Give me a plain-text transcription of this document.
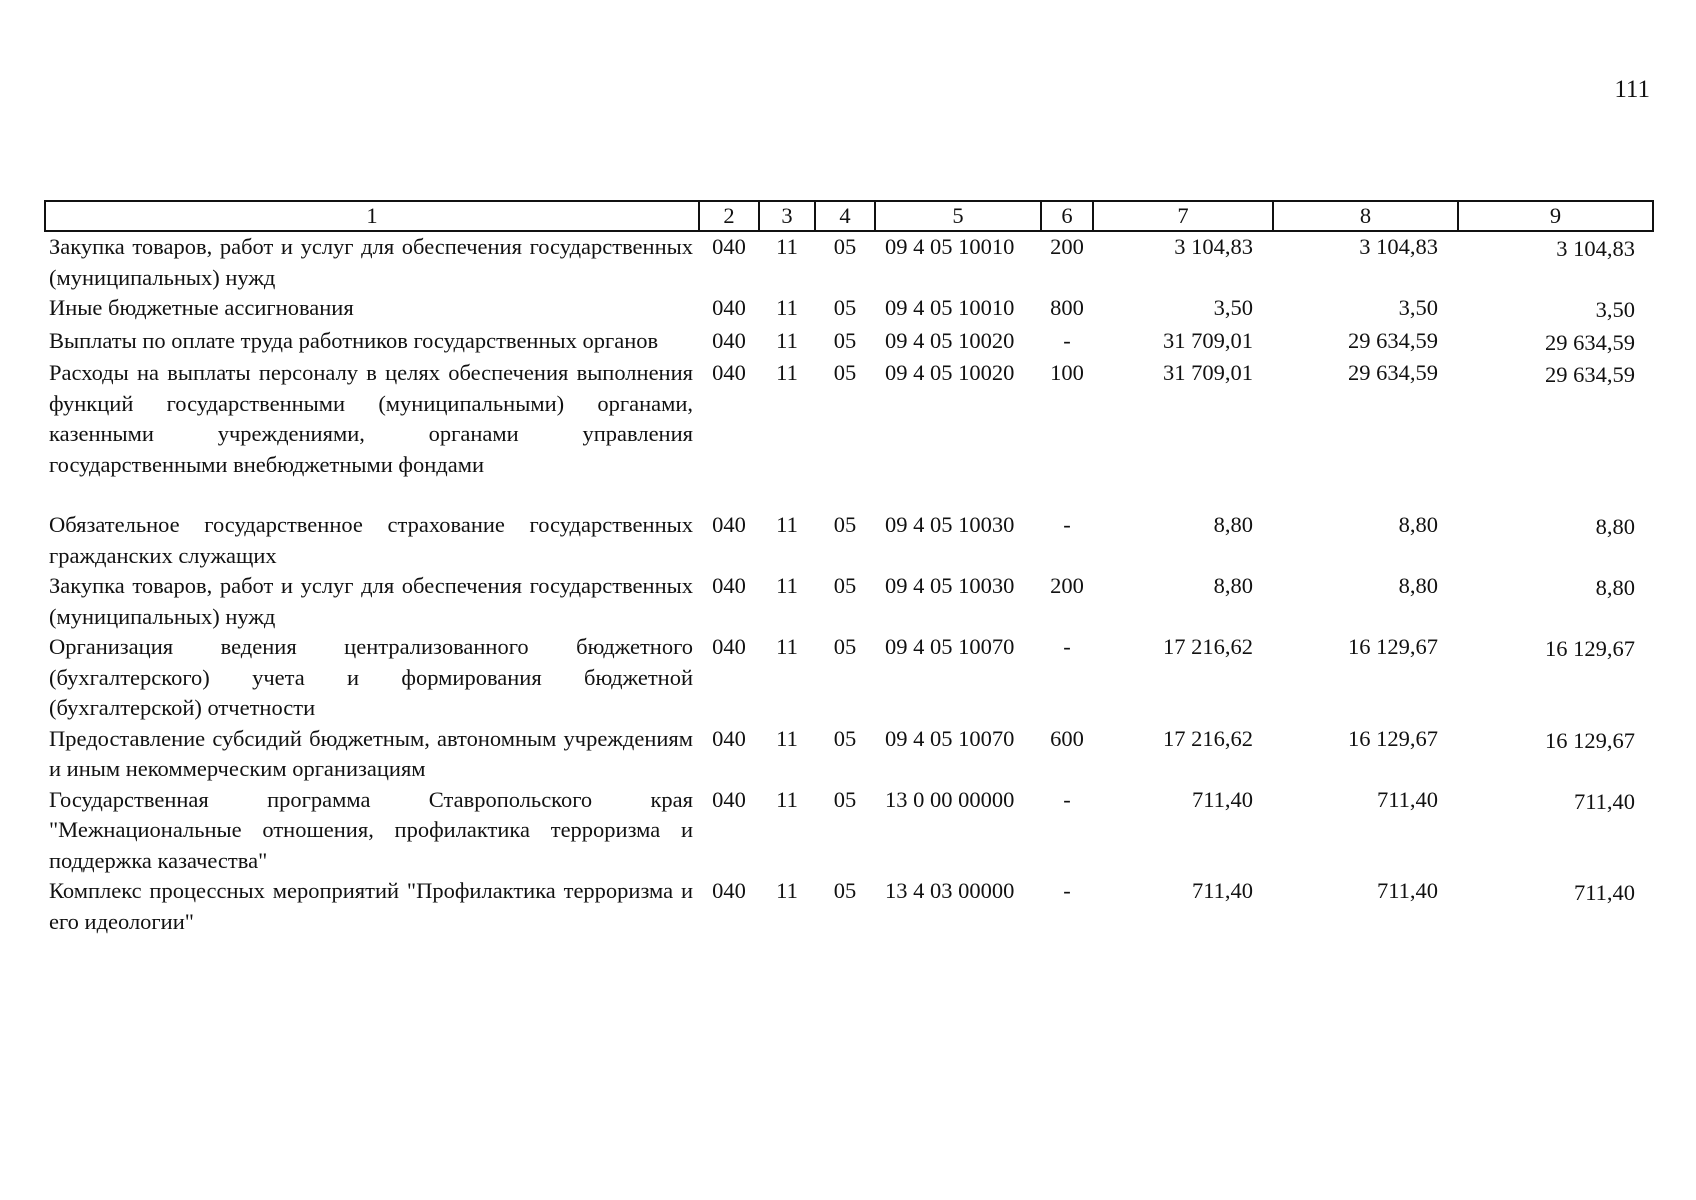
111
1	2	3	4	5	6	7	8	9
Закупка товаров, работ и услуг для обеспечения государственных (муниципальных) нужд	040	11	05	09 4 05 10010	200	3 104,83	3 104,83	3 104,83
Иные бюджетные ассигнования	040	11	05	09 4 05 10010	800	3,50	3,50	3,50
Выплаты по оплате труда работников государственных органов	040	11	05	09 4 05 10020	-	31 709,01	29 634,59	29 634,59
Расходы на выплаты персоналу в целях обеспечения выполнения функций государственными (муниципальными) органами, казенными учреждениями, органами управления государственными внебюджетными фондами	040	11	05	09 4 05 10020	100	31 709,01	29 634,59	29 634,59

Обязательное государственное страхование государственных гражданских служащих	040	11	05	09 4 05 10030	-	8,80	8,80	8,80
Закупка товаров, работ и услуг для обеспечения государственных (муниципальных) нужд	040	11	05	09 4 05 10030	200	8,80	8,80	8,80
Организация ведения централизованного бюджетного (бухгалтерского) учета и формирования бюджетной (бухгалтерской) отчетности	040	11	05	09 4 05 10070	-	17 216,62	16 129,67	16 129,67
Предоставление субсидий бюджетным, автономным учреждениям и иным некоммерческим организациям	040	11	05	09 4 05 10070	600	17 216,62	16 129,67	16 129,67
Государственная программа Ставропольского края "Межнациональные отношения, профилактика терроризма и поддержка казачества"	040	11	05	13 0 00 00000	-	711,40	711,40	711,40
Комплекс процессных мероприятий "Профилактика терроризма и его идеологии"	040	11	05	13 4 03 00000	-	711,40	711,40	711,40
